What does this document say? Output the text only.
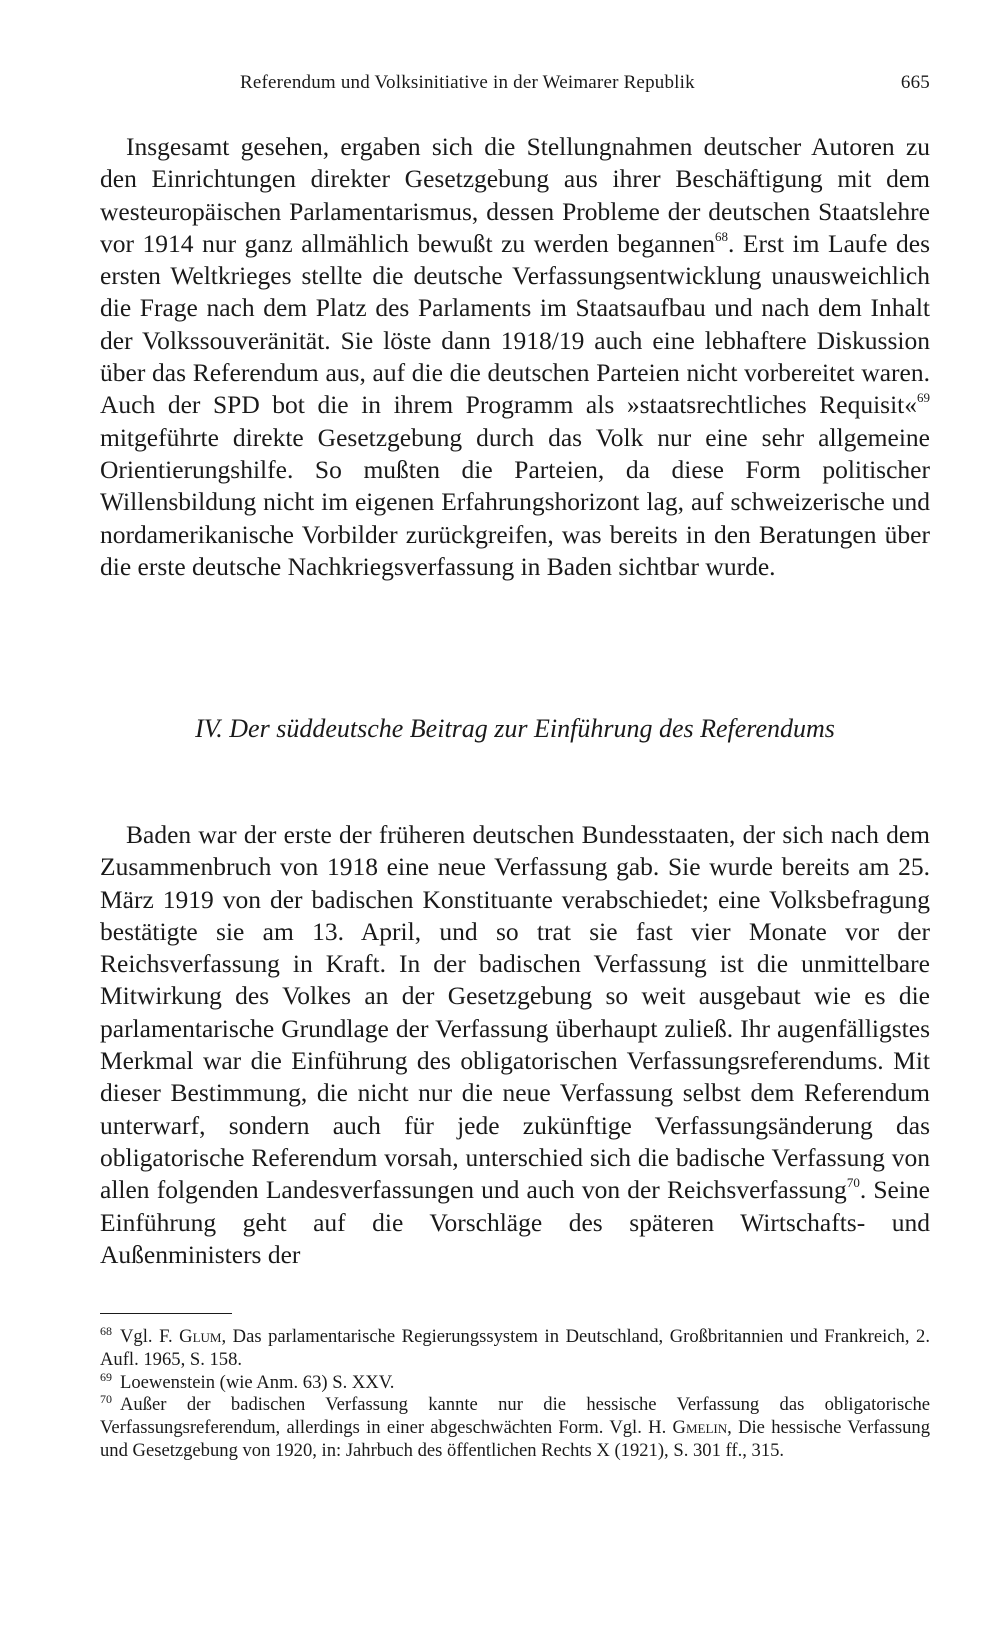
Referendum und Volksinitiative in der Weimarer Republik	665

Insgesamt gesehen, ergaben sich die Stellungnahmen deutscher Autoren zu den Einrichtungen direkter Gesetzgebung aus ihrer Beschäftigung mit dem westeuropäischen Parlamentarismus, dessen Probleme der deutschen Staatslehre vor 1914 nur ganz allmählich bewußt zu werden begannen$^{68}$. Erst im Laufe des ersten Weltkrieges stellte die deutsche Verfassungsentwicklung unausweichlich die Frage nach dem Platz des Parlaments im Staatsaufbau und nach dem Inhalt der Volkssouveränität. Sie löste dann 1918/19 auch eine lebhaftere Diskussion über das Referendum aus, auf die die deutschen Parteien nicht vorbereitet waren. Auch der SPD bot die in ihrem Programm als »staatsrechtliches Requisit«$^{69}$ mitgeführte direkte Gesetzgebung durch das Volk nur eine sehr allgemeine Orientierungshilfe. So mußten die Parteien, da diese Form politischer Willensbildung nicht im eigenen Erfahrungshorizont lag, auf schweizerische und nordamerikanische Vorbilder zurückgreifen, was bereits in den Beratungen über die erste deutsche Nachkriegsverfassung in Baden sichtbar wurde.

IV. Der süddeutsche Beitrag zur Einführung des Referendums

Baden war der erste der früheren deutschen Bundesstaaten, der sich nach dem Zusammenbruch von 1918 eine neue Verfassung gab. Sie wurde bereits am 25. März 1919 von der badischen Konstituante verabschiedet; eine Volksbefragung bestätigte sie am 13. April, und so trat sie fast vier Monate vor der Reichsverfassung in Kraft. In der badischen Verfassung ist die unmittelbare Mitwirkung des Volkes an der Gesetzgebung so weit ausgebaut wie es die parlamentarische Grundlage der Verfassung überhaupt zuließ. Ihr augenfälligstes Merkmal war die Einführung des obligatorischen Verfassungsreferendums. Mit dieser Bestimmung, die nicht nur die neue Verfassung selbst dem Referendum unterwarf, sondern auch für jede zukünftige Verfassungsänderung das obligatorische Referendum vorsah, unterschied sich die badische Verfassung von allen folgenden Landesverfassungen und auch von der Reichsverfassung$^{70}$. Seine Einführung geht auf die Vorschläge des späteren Wirtschafts- und Außenministers der

$^{68}$ Vgl. F. Glum, Das parlamentarische Regierungssystem in Deutschland, Großbritannien und Frankreich, 2. Aufl. 1965, S. 158.

$^{69}$ Loewenstein (wie Anm. 63) S. XXV.

$^{70}$ Außer der badischen Verfassung kannte nur die hessische Verfassung das obligatorische Verfassungsreferendum, allerdings in einer abgeschwächten Form. Vgl. H. Gmelin, Die hessische Verfassung und Gesetzgebung von 1920, in: Jahrbuch des öffentlichen Rechts X (1921), S. 301 ff., 315.
